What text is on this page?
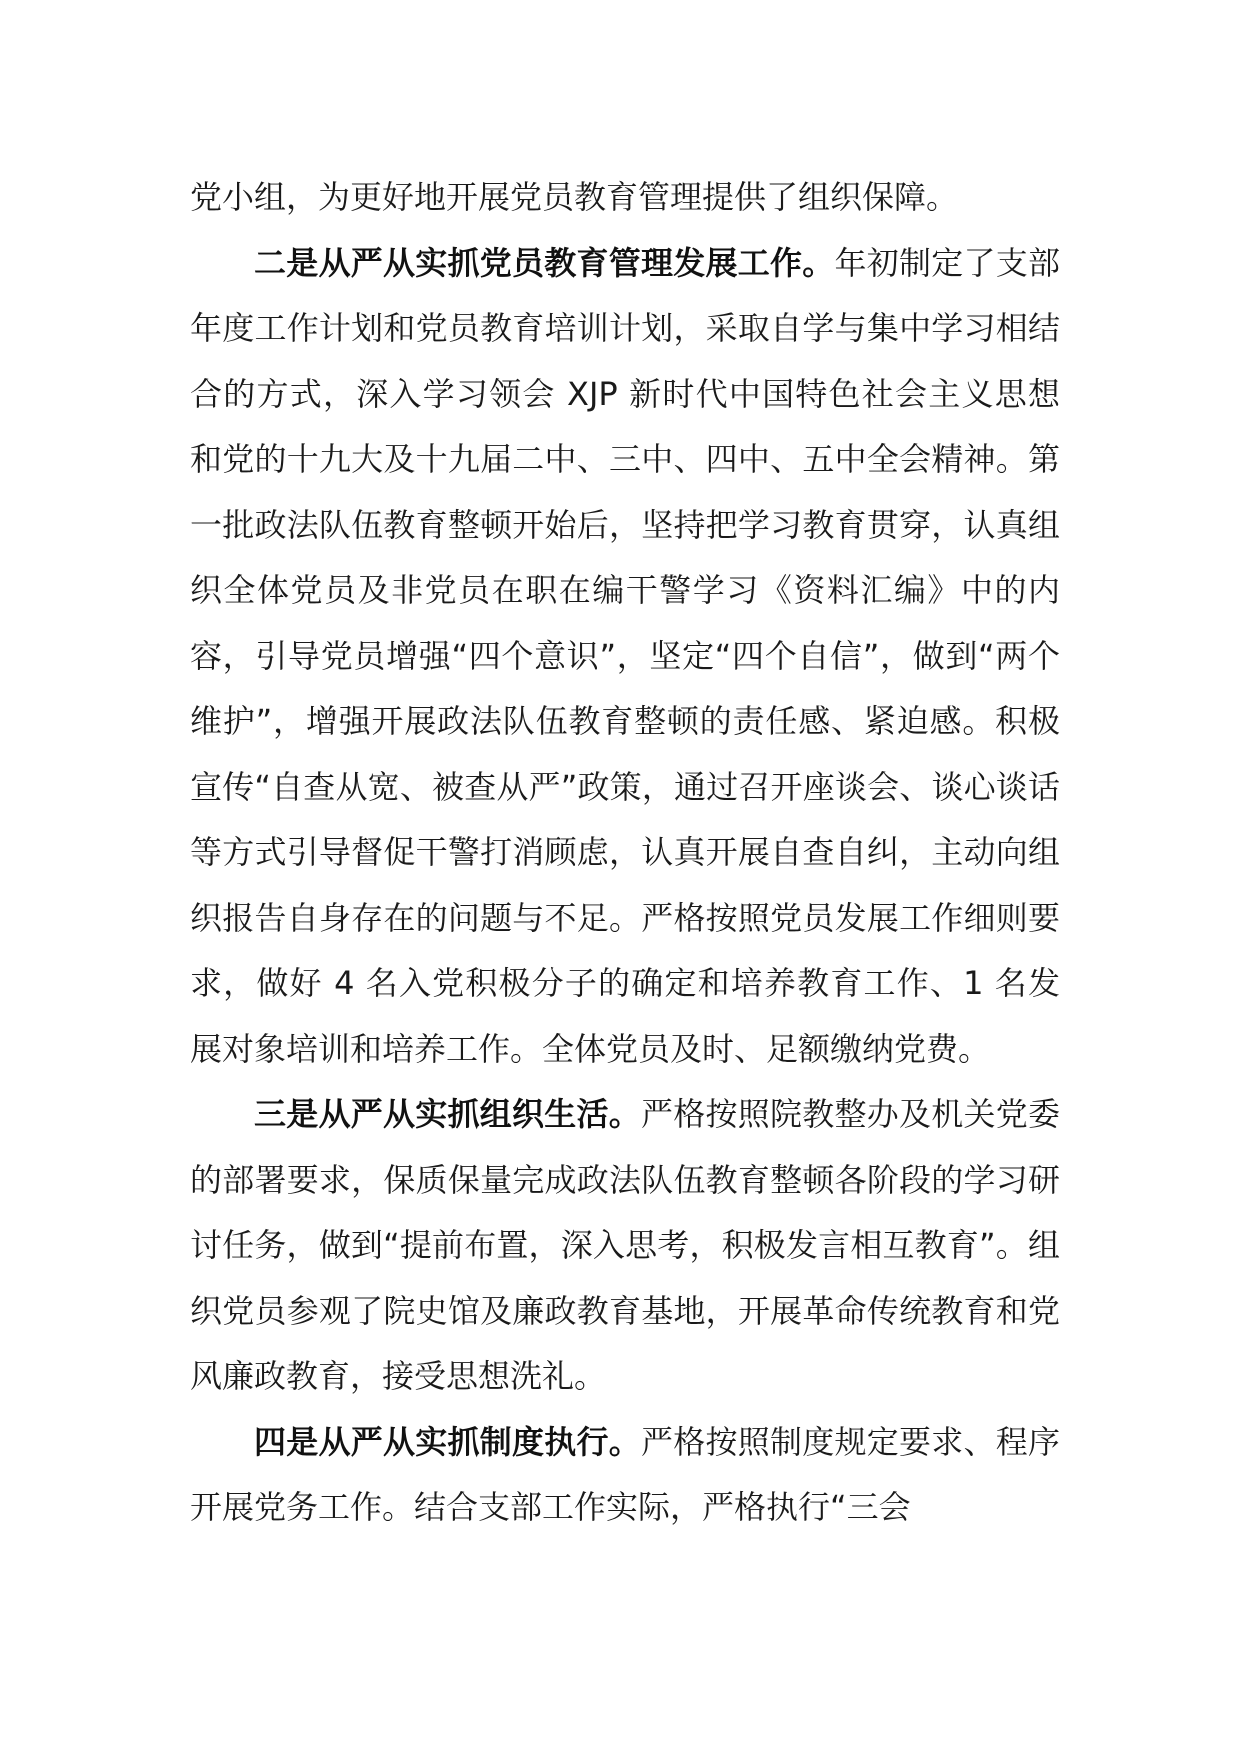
党小组，为更好地开展党员教育管理提供了组织保障。

二是从严从实抓党员教育管理发展工作。年初制定了支部年度工作计划和党员教育培训计划，采取自学与集中学习相结合的方式，深入学习领会 XJP 新时代中国特色社会主义思想和党的十九大及十九届二中、三中、四中、五中全会精神。第一批政法队伍教育整顿开始后，坚持把学习教育贯穿，认真组织全体党员及非党员在职在编干警学习《资料汇编》中的内容，引导党员增强“四个意识”，坚定“四个自信”，做到“两个维护”，增强开展政法队伍教育整顿的责任感、紧迫感。积极宣传“自查从宽、被查从严”政策，通过召开座谈会、谈心谈话等方式引导督促干警打消顾虑，认真开展自查自纠，主动向组织报告自身存在的问题与不足。严格按照党员发展工作细则要求，做好 4 名入党积极分子的确定和培养教育工作、1 名发展对象培训和培养工作。全体党员及时、足额缴纳党费。

三是从严从实抓组织生活。严格按照院教整办及机关党委的部署要求，保质保量完成政法队伍教育整顿各阶段的学习研讨任务，做到“提前布置，深入思考，积极发言相互教育”。组织党员参观了院史馆及廉政教育基地，开展革命传统教育和党风廉政教育，接受思想洗礼。

四是从严从实抓制度执行。严格按照制度规定要求、程序开展党务工作。结合支部工作实际，严格执行“三会
